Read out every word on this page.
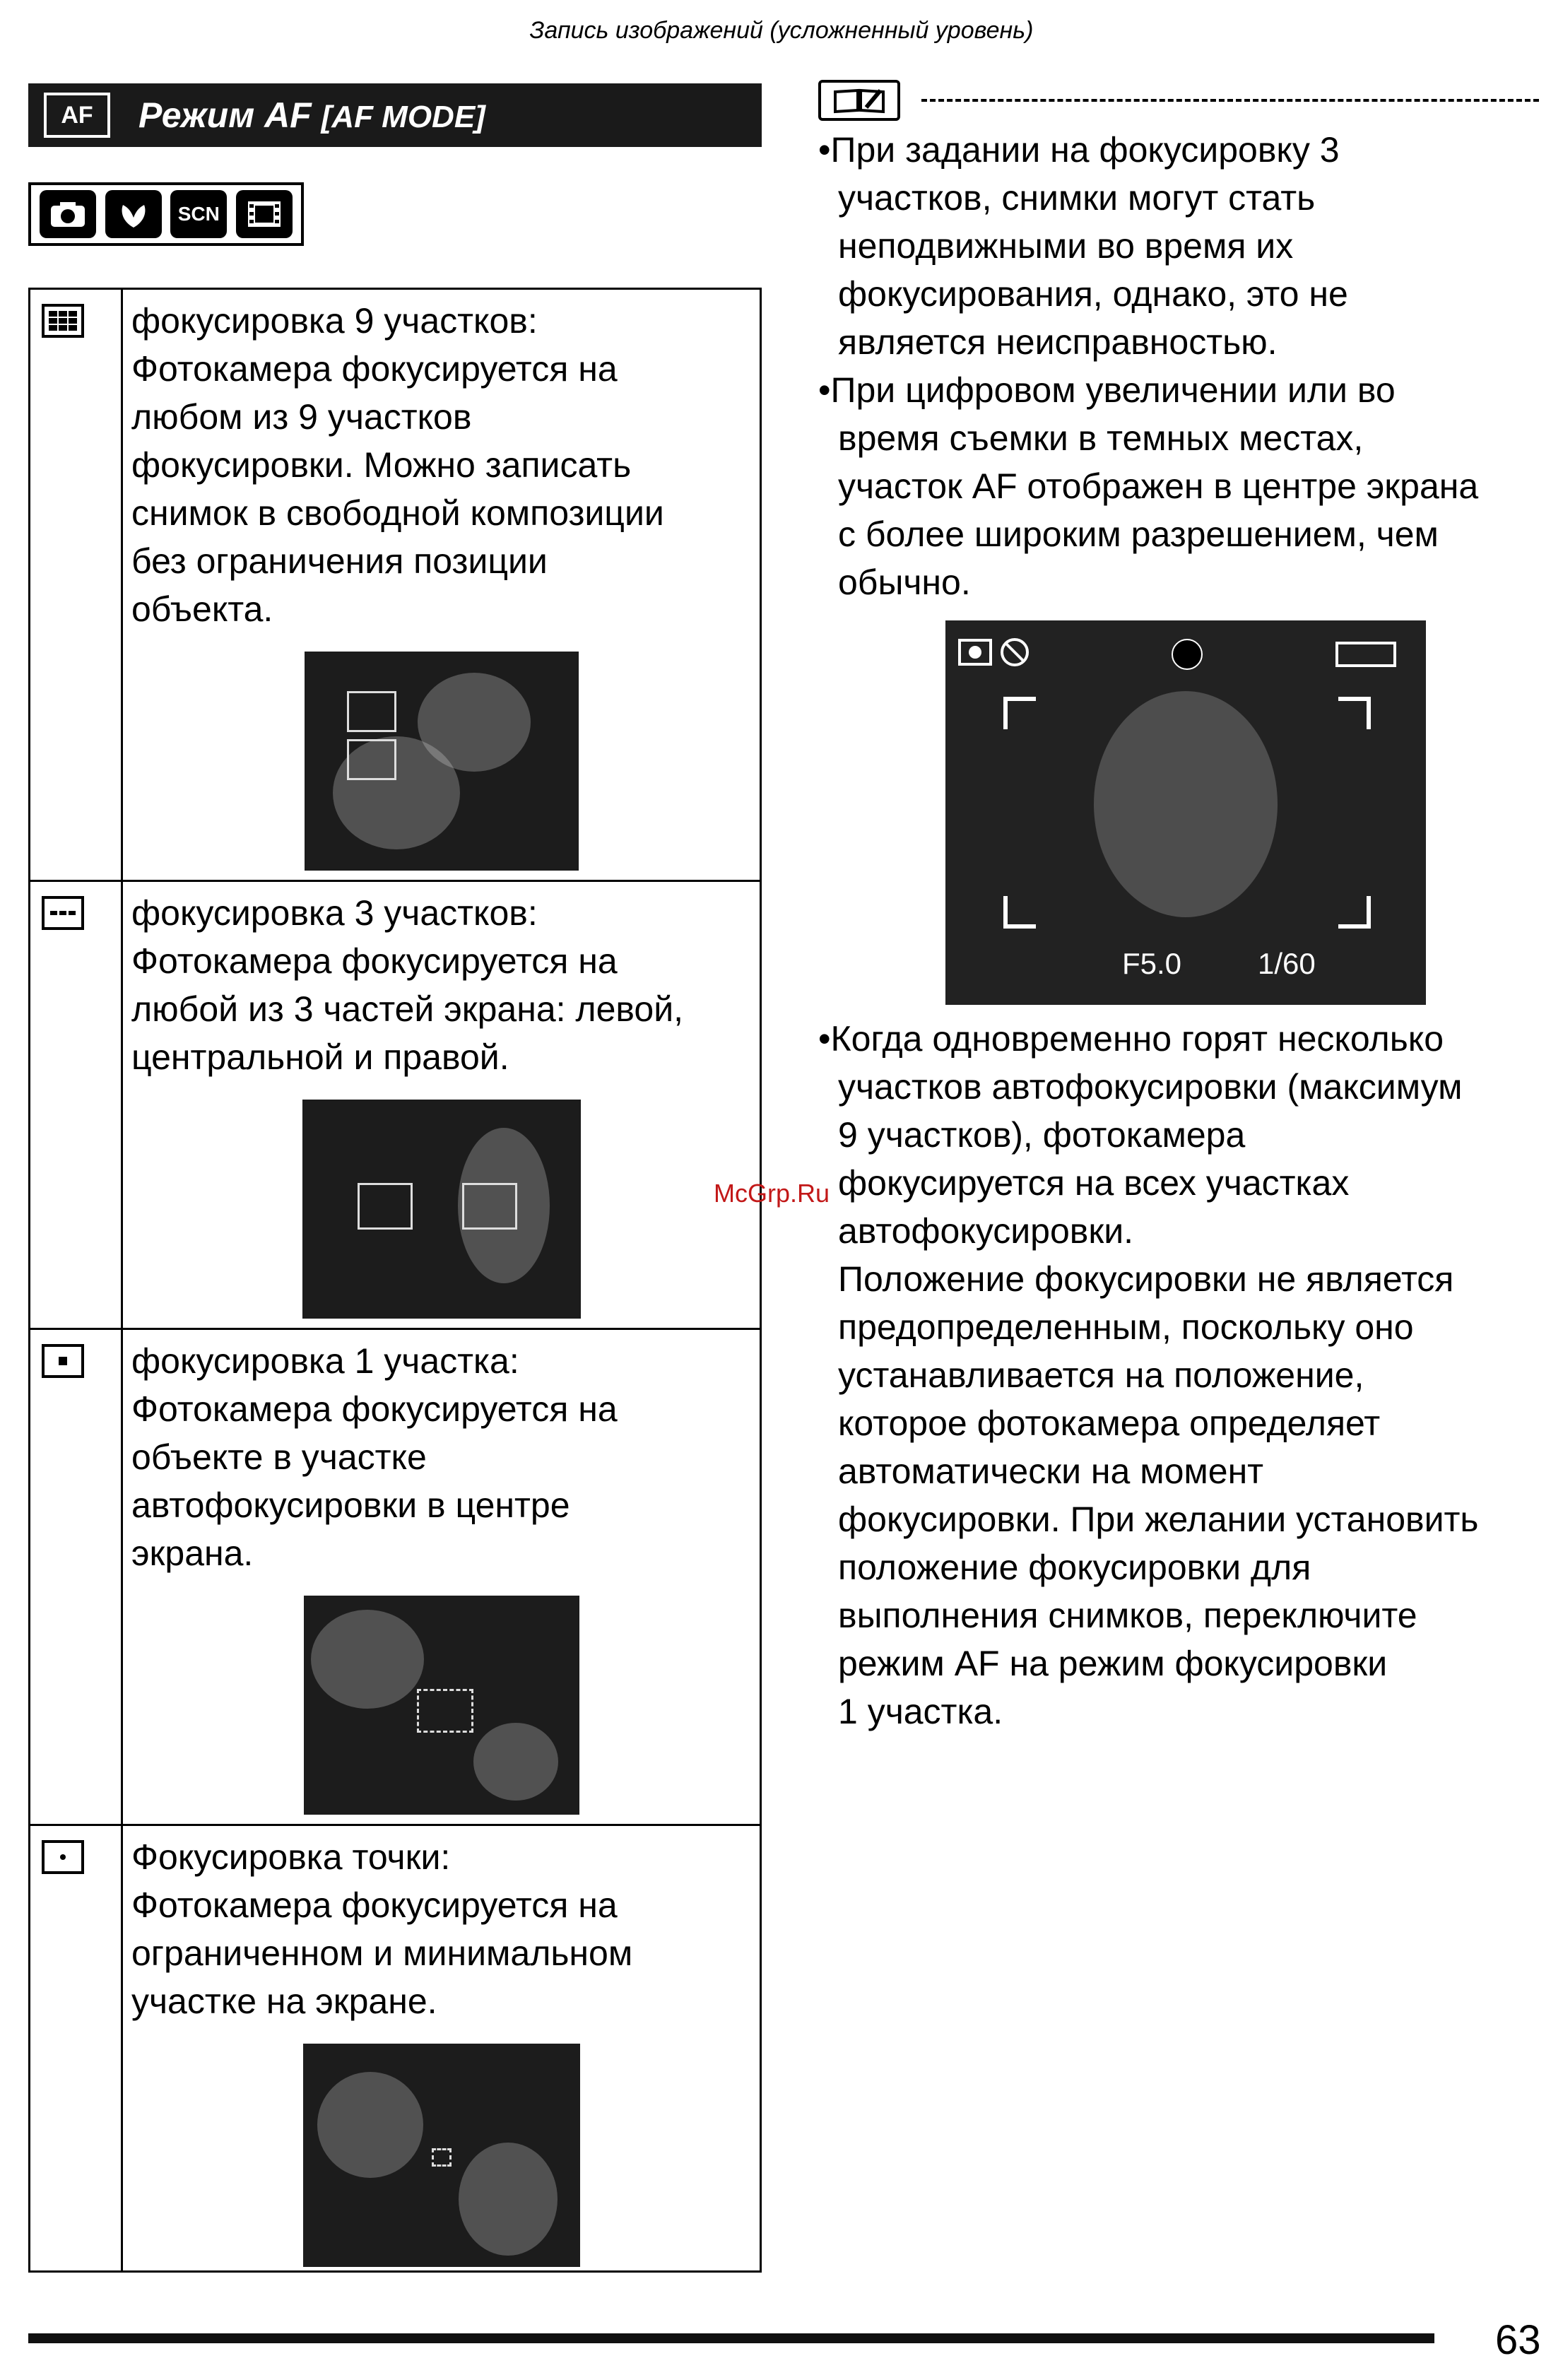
Запись изображений (усложненный уровень)
AF	Режим AF [AF MODE]
SCN

фокусировка 9 участков:
Фотокамера фокусируется на
любом из 9 участков
фокусировки. Можно записать
снимок в свободной композиции
без ограничения позиции
объекта.

фокусировка 3 участков:
Фотокамера фокусируется на
любой из 3 частей экрана: левой,
центральной и правой.

фокусировка 1 участка:
Фотокамера фокусируется на
объекте в участке
автофокусировки в центре
экрана.

Фокусировка точки:
Фотокамера фокусируется на
ограниченном и минимальном
участке на экране.

• При задании на фокусировку 3
участков, снимки могут стать
неподвижными во время их
фокусирования, однако, это не
является неисправностью.

• При цифровом увеличении или во
время съемки в темных местах,
участок AF отображен в центре экрана
с более широким разрешением, чем
обычно.

F5.0	1/60

• Когда одновременно горят несколько
участков автофокусировки (максимум
9 участков), фотокамера
фокусируется на всех участках
автофокусировки.

Положение фокусировки не является
предопределенным, поскольку оно
устанавливается на положение,
которое фотокамера определяет
автоматически на момент
фокусировки. При желании установить
положение фокусировки для
выполнения снимков, переключите
режим AF на режим фокусировки
1 участка.

McGrp.Ru
63
